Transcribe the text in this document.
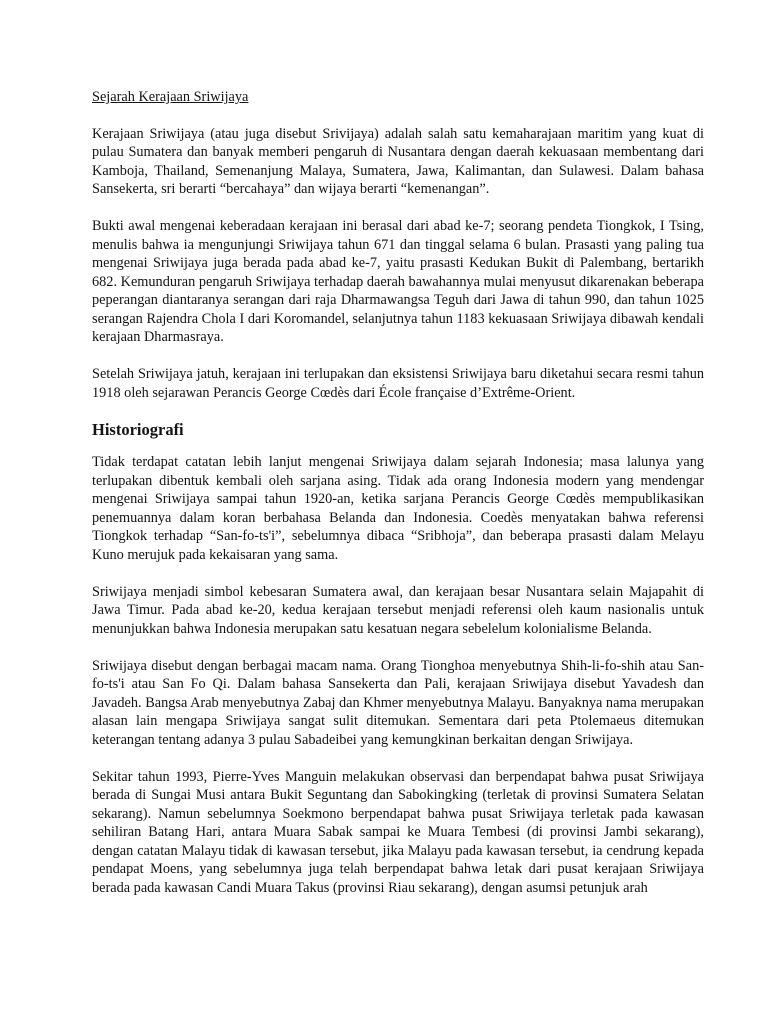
Sejarah Kerajaan Sriwijaya

Kerajaan Sriwijaya (atau juga disebut Srivijaya) adalah salah satu kemaharajaan maritim yang kuat di pulau Sumatera dan banyak memberi pengaruh di Nusantara dengan daerah kekuasaan membentang dari Kamboja, Thailand, Semenanjung Malaya, Sumatera, Jawa, Kalimantan, dan Sulawesi. Dalam bahasa Sansekerta, sri berarti “bercahaya” dan wijaya berarti “kemenangan”.

Bukti awal mengenai keberadaan kerajaan ini berasal dari abad ke-7; seorang pendeta Tiongkok, I Tsing, menulis bahwa ia mengunjungi Sriwijaya tahun 671 dan tinggal selama 6 bulan. Prasasti yang paling tua mengenai Sriwijaya juga berada pada abad ke-7, yaitu prasasti Kedukan Bukit di Palembang, bertarikh 682. Kemunduran pengaruh Sriwijaya terhadap daerah bawahannya mulai menyusut dikarenakan beberapa peperangan diantaranya serangan dari raja Dharmawangsa Teguh dari Jawa di tahun 990, dan tahun 1025 serangan Rajendra Chola I dari Koromandel, selanjutnya tahun 1183 kekuasaan Sriwijaya dibawah kendali kerajaan Dharmasraya.

Setelah Sriwijaya jatuh, kerajaan ini terlupakan dan eksistensi Sriwijaya baru diketahui secara resmi tahun 1918 oleh sejarawan Perancis George Cœdès dari École française d’Extrême-Orient.

Historiografi

Tidak terdapat catatan lebih lanjut mengenai Sriwijaya dalam sejarah Indonesia; masa lalunya yang terlupakan dibentuk kembali oleh sarjana asing. Tidak ada orang Indonesia modern yang mendengar mengenai Sriwijaya sampai tahun 1920-an, ketika sarjana Perancis George Cœdès mempublikasikan penemuannya dalam koran berbahasa Belanda dan Indonesia. Coedès menyatakan bahwa referensi Tiongkok terhadap “San-fo-ts'i”, sebelumnya dibaca “Sribhoja”, dan beberapa prasasti dalam Melayu Kuno merujuk pada kekaisaran yang sama.

Sriwijaya menjadi simbol kebesaran Sumatera awal, dan kerajaan besar Nusantara selain Majapahit di Jawa Timur. Pada abad ke-20, kedua kerajaan tersebut menjadi referensi oleh kaum nasionalis untuk menunjukkan bahwa Indonesia merupakan satu kesatuan negara sebelelum kolonialisme Belanda.

Sriwijaya disebut dengan berbagai macam nama. Orang Tionghoa menyebutnya Shih-li-fo-shih atau San-fo-ts'i atau San Fo Qi. Dalam bahasa Sansekerta dan Pali, kerajaan Sriwijaya disebut Yavadesh dan Javadeh. Bangsa Arab menyebutnya Zabaj dan Khmer menyebutnya Malayu. Banyaknya nama merupakan alasan lain mengapa Sriwijaya sangat sulit ditemukan. Sementara dari peta Ptolemaeus ditemukan keterangan tentang adanya 3 pulau Sabadeibei yang kemungkinan berkaitan dengan Sriwijaya.

Sekitar tahun 1993, Pierre-Yves Manguin melakukan observasi dan berpendapat bahwa pusat Sriwijaya berada di Sungai Musi antara Bukit Seguntang dan Sabokingking (terletak di provinsi Sumatera Selatan sekarang). Namun sebelumnya Soekmono berpendapat bahwa pusat Sriwijaya terletak pada kawasan sehiliran Batang Hari, antara Muara Sabak sampai ke Muara Tembesi (di provinsi Jambi sekarang), dengan catatan Malayu tidak di kawasan tersebut, jika Malayu pada kawasan tersebut, ia cendrung kepada pendapat Moens, yang sebelumnya juga telah berpendapat bahwa letak dari pusat kerajaan Sriwijaya berada pada kawasan Candi Muara Takus (provinsi Riau sekarang), dengan asumsi petunjuk arah
